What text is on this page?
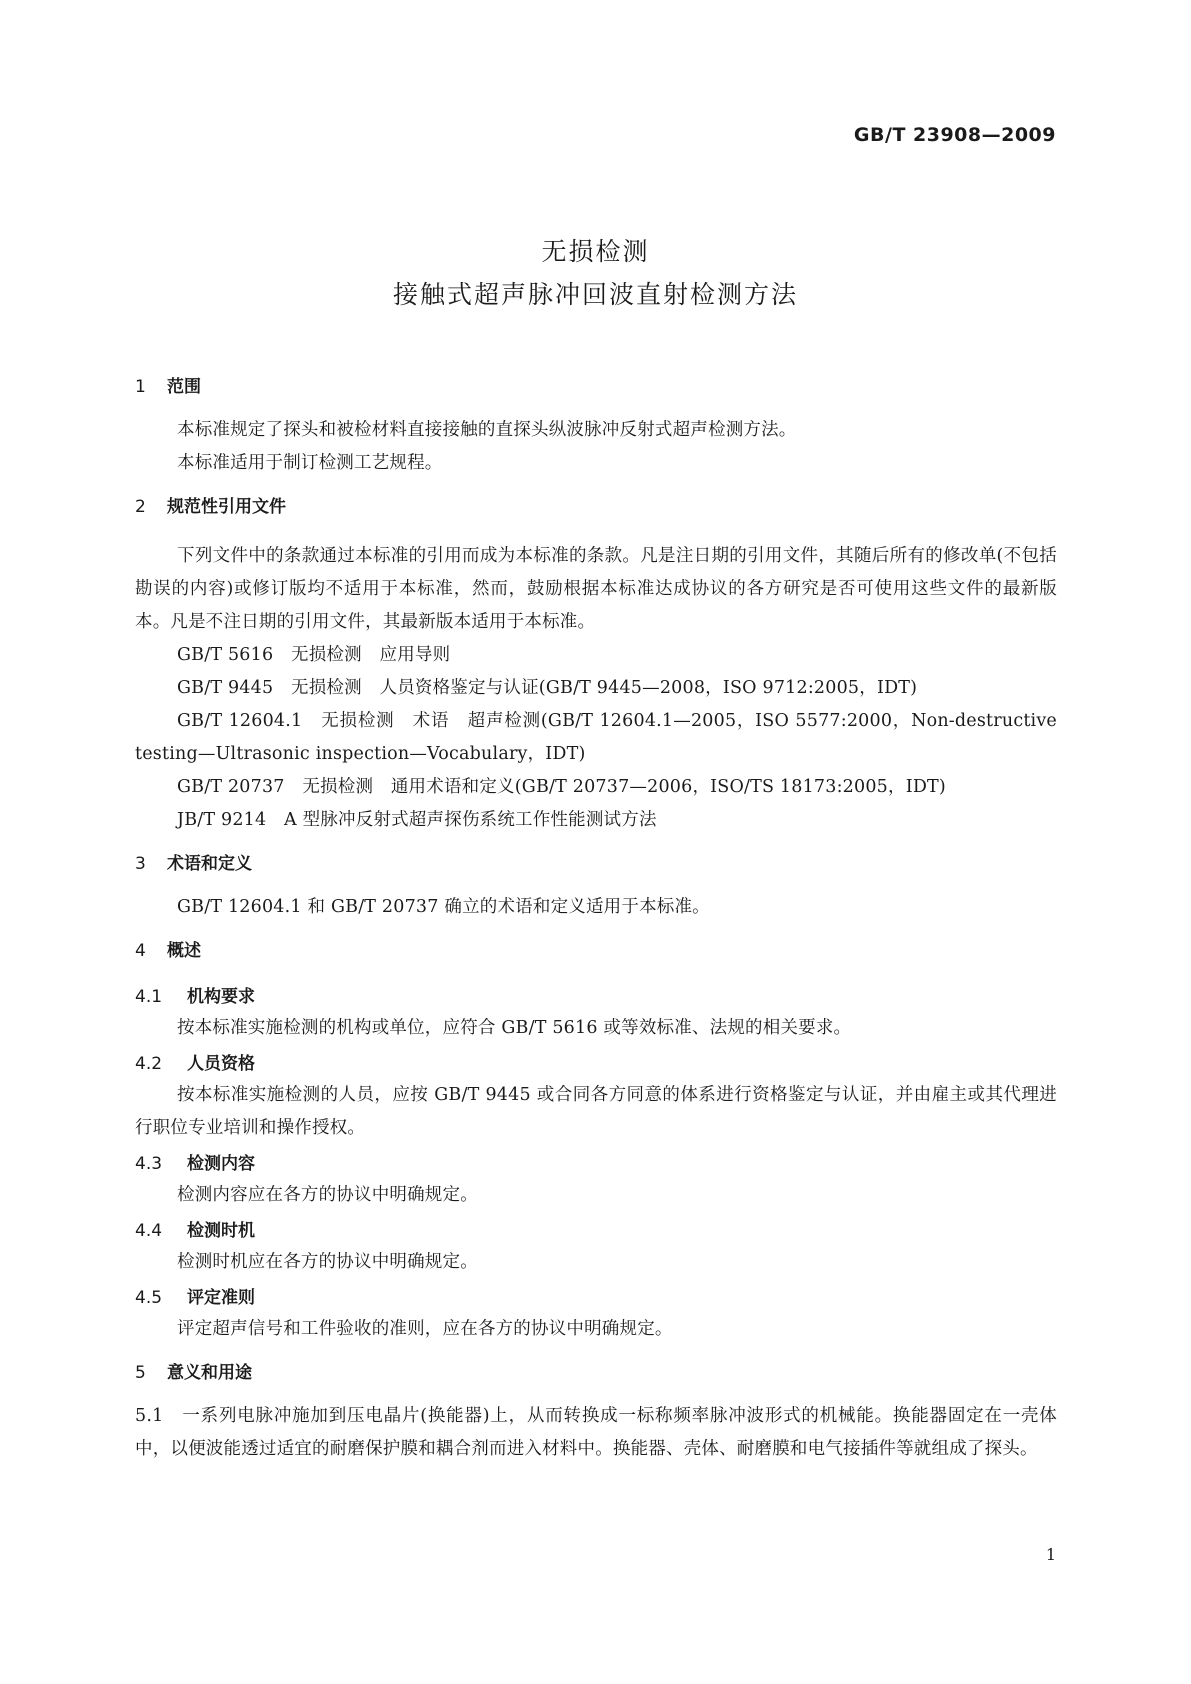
GB/T 23908—2009
无损检测
接触式超声脉冲回波直射检测方法
1 范围
本标准规定了探头和被检材料直接接触的直探头纵波脉冲反射式超声检测方法。
本标准适用于制订检测工艺规程。
2 规范性引用文件
下列文件中的条款通过本标准的引用而成为本标准的条款。凡是注日期的引用文件，其随后所有的修改单(不包括勘误的内容)或修订版均不适用于本标准，然而，鼓励根据本标准达成协议的各方研究是否可使用这些文件的最新版本。凡是不注日期的引用文件，其最新版本适用于本标准。
GB/T 5616　无损检测　应用导则
GB/T 9445　无损检测　人员资格鉴定与认证(GB/T 9445—2008，ISO 9712:2005，IDT)
GB/T 12604.1　无损检测　术语　超声检测(GB/T 12604.1—2005，ISO 5577:2000，Non-destructive testing—Ultrasonic inspection—Vocabulary，IDT)
GB/T 20737　无损检测　通用术语和定义(GB/T 20737—2006，ISO/TS 18173:2005，IDT)
JB/T 9214　A 型脉冲反射式超声探伤系统工作性能测试方法
3 术语和定义
GB/T 12604.1 和 GB/T 20737 确立的术语和定义适用于本标准。
4 概述
4.1 机构要求
按本标准实施检测的机构或单位，应符合 GB/T 5616 或等效标准、法规的相关要求。
4.2 人员资格
按本标准实施检测的人员，应按 GB/T 9445 或合同各方同意的体系进行资格鉴定与认证，并由雇主或其代理进行职位专业培训和操作授权。
4.3 检测内容
检测内容应在各方的协议中明确规定。
4.4 检测时机
检测时机应在各方的协议中明确规定。
4.5 评定准则
评定超声信号和工件验收的准则，应在各方的协议中明确规定。
5 意义和用途
5.1　 一系列电脉冲施加到压电晶片(换能器)上，从而转换成一标称频率脉冲波形式的机械能。换能器固定在一壳体中，以便波能透过适宜的耐磨保护膜和耦合剂而进入材料中。换能器、壳体、耐磨膜和电气接插件等就组成了探头。
1
